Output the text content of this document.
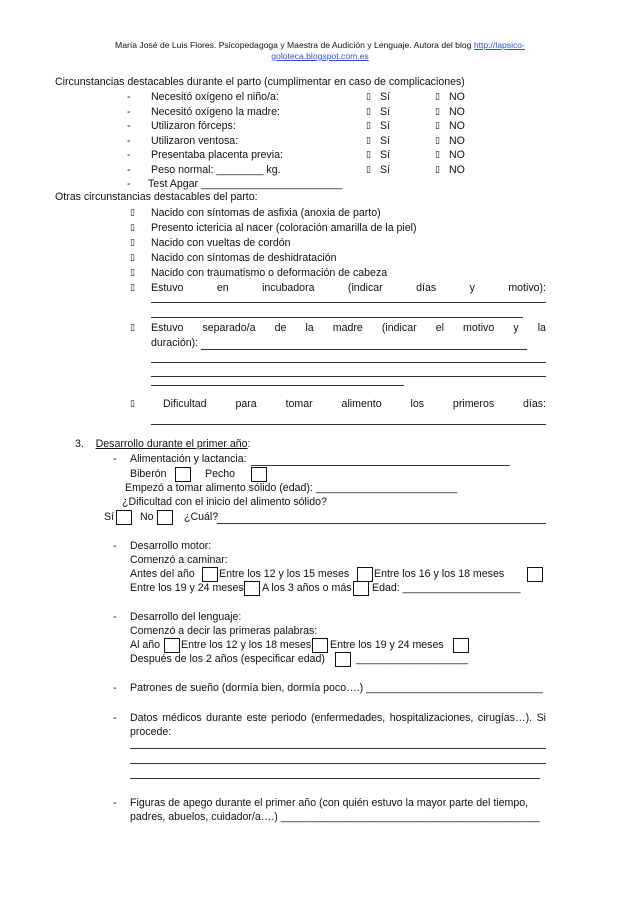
María José de Luis Flores. Psicopedagoga y Maestra de Audición y Lenguaje. Autora del blog http://lapsico-
goloteca.blogspot.com.es
Circunstancias destacables durante el parto (cumplimentar en caso de complicaciones)
- Necesitó oxígeno el niño/a:	▯ Sí	▯ NO
- Necesitó oxígeno la madre:	▯ Sí	▯ NO
- Utilizaron fórceps:	▯ Sí	▯ NO
- Utilizaron ventosa:	▯ Sí	▯ NO
- Presentaba placenta previa:	▯ Sí	▯ NO
- Peso normal: ________ kg.	▯ Sí	▯ NO
- Test Apgar ________________________
Otras circunstancias destacables del parto:
▯ Nacido con síntomas de asfixia (anoxia de parto)
▯ Presento ictericia al nacer (coloración amarilla de la piel)
▯ Nacido con vueltas de cordón
▯ Nacido con síntomas de deshidratación
▯ Nacido con traumatismo o deformación de cabeza
▯ Estuvo	en	incubadora	(indicar	días	y	motivo):
▯ Estuvo separado/a de la madre (indicar el motivo y la
duración):
▯	Dificultad	para	tomar	alimento	los	primeros	días:
3. Desarrollo durante el primer año:
- Alimentación y lactancia:
Biberón	Pecho
Empezó a tomar alimento sólido (edad): ________________________
¿Dificultad con el inicio del alimento sólido?
Sí No	¿Cuál?
- Desarrollo motor:
Comenzó a caminar:
Antes del año Entre los 12 y los 15 meses Entre los 16 y los 18 meses
Entre los 19 y 24 meses A los 3 años o más Edad: ____________________
- Desarrollo del lenguaje:
Comenzó a decir las primeras palabras:
Al año Entre los 12 y los 18 meses Entre los 19 y 24 meses
Después de los 2 años (especificar edad)	___________________
- Patrones de sueño (dormía bien, dormía poco….) ______________________________
- Datos médicos durante este periodo (enfermedades, hospitalizaciones, cirugías…). Si
procede:
- Figuras de apego durante el primer año (con quién estuvo la mayor parte del tiempo,
padres, abuelos, cuidador/a….) ____________________________________________
